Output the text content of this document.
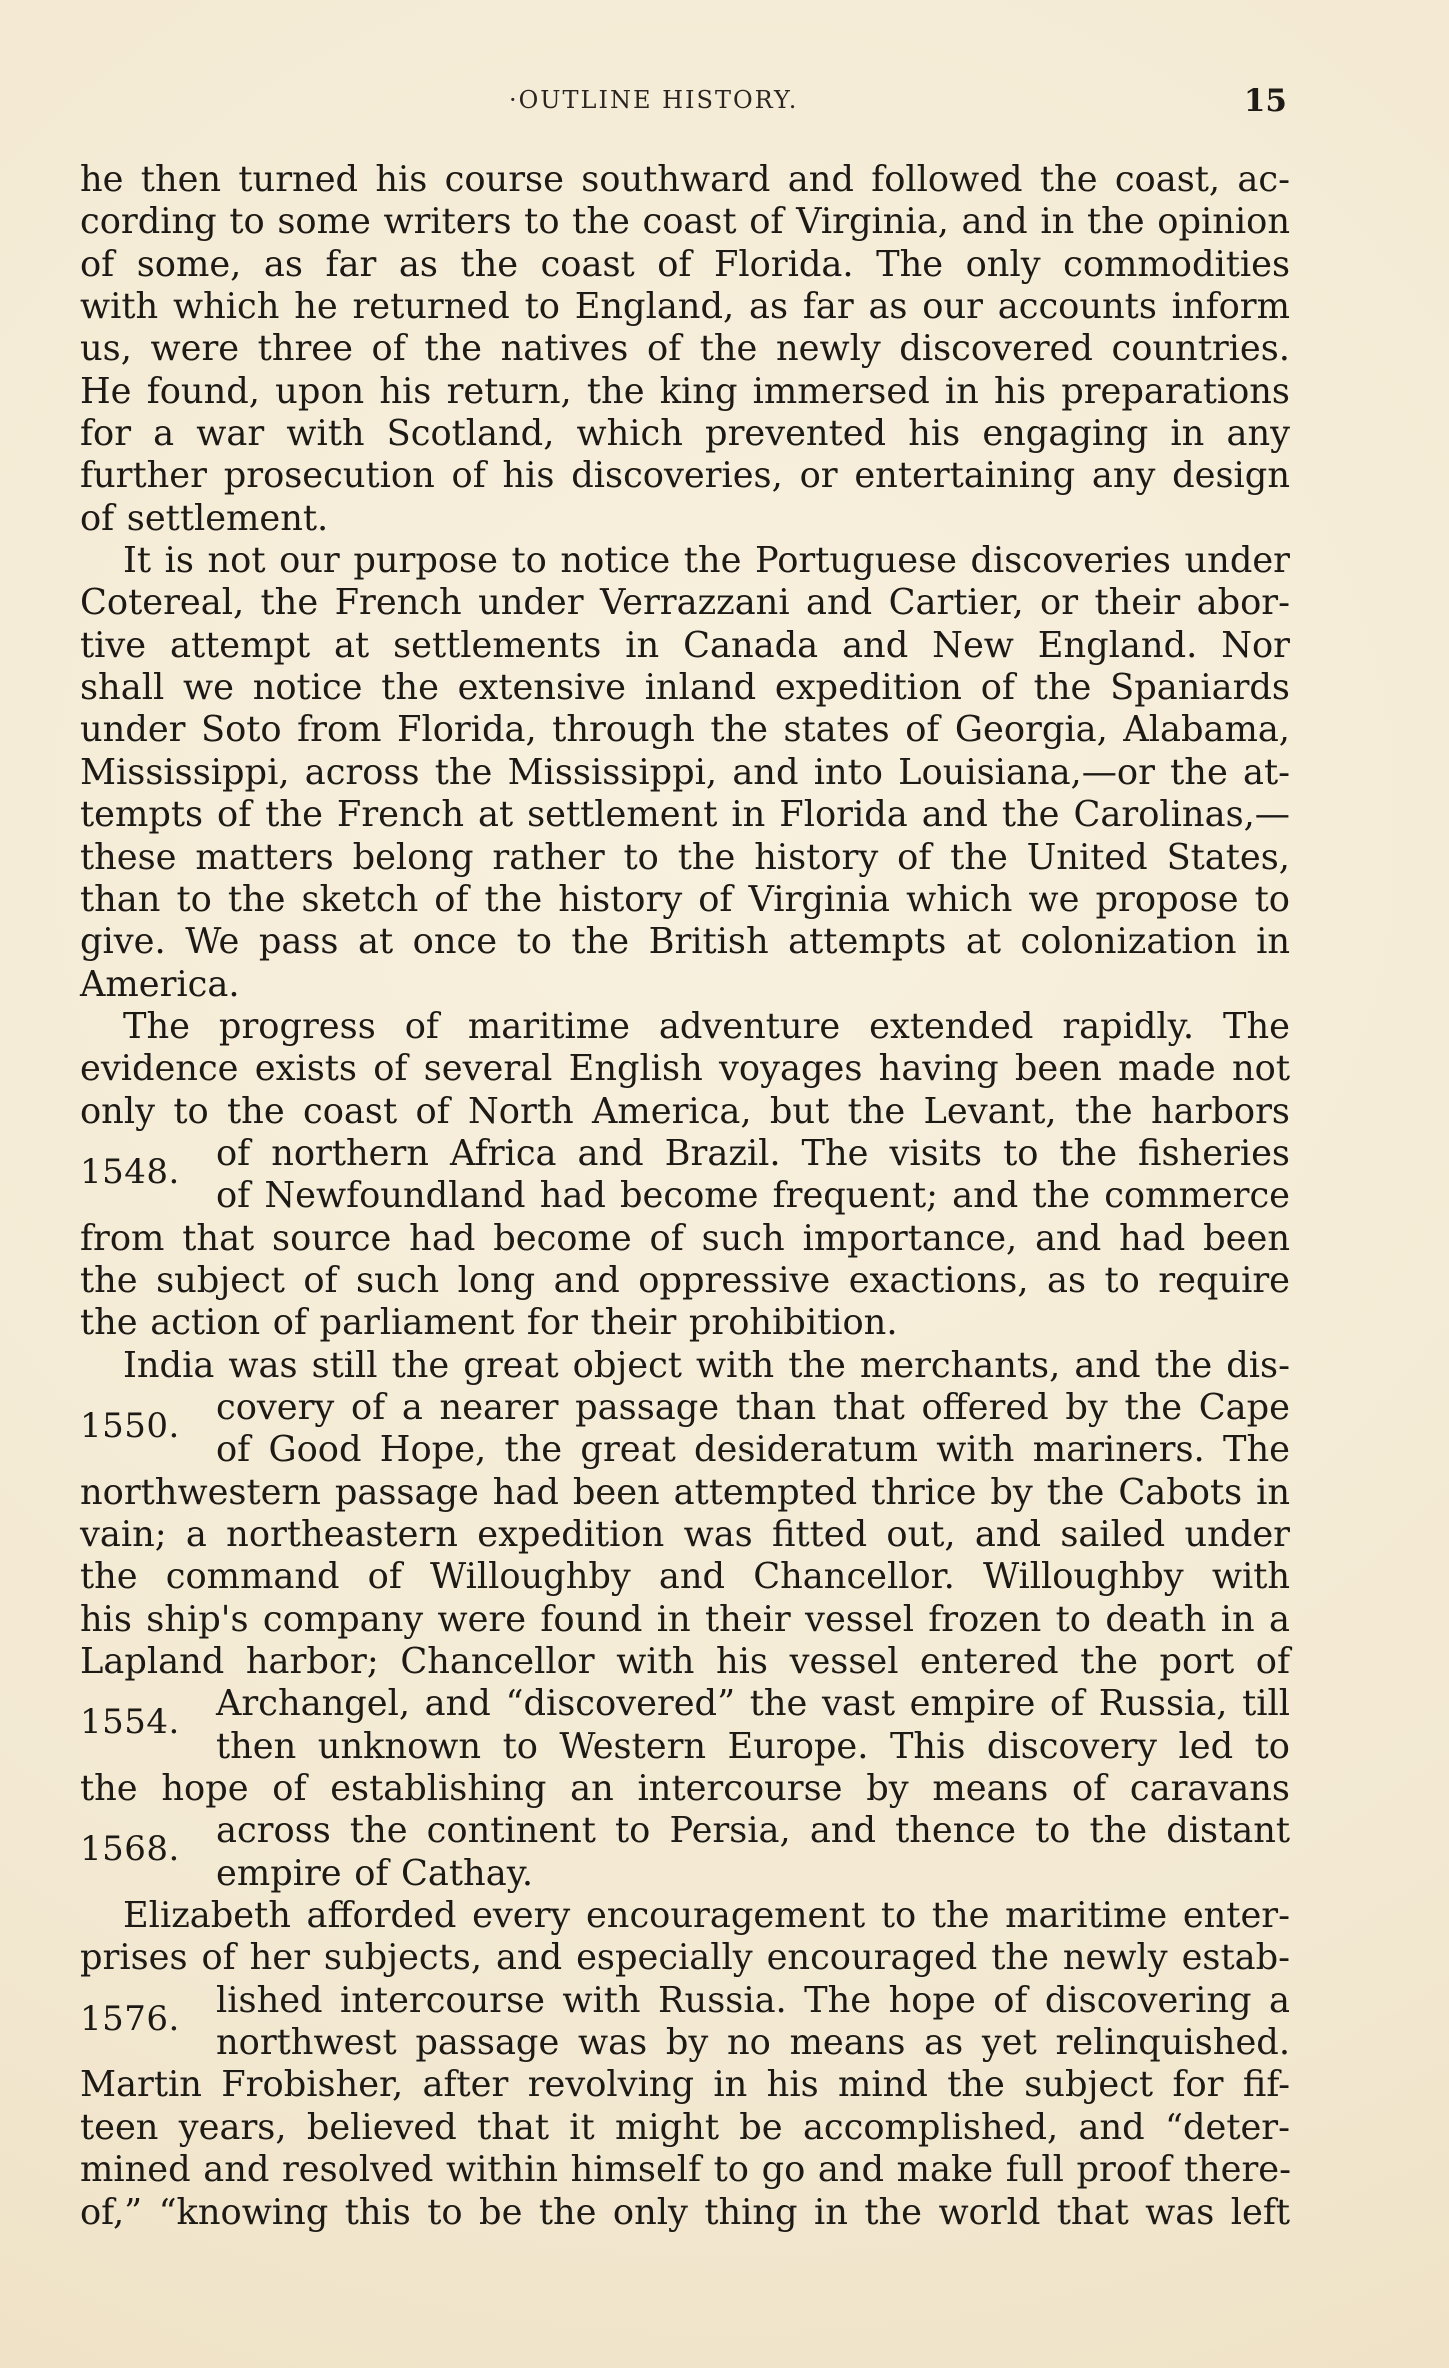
·OUTLINE HISTORY.	15
he then turned his course southward and followed the coast, ac-
cording to some writers to the coast of Virginia, and in the opinion
of some, as far as the coast of Florida. The only commodities
with which he returned to England, as far as our accounts inform
us, were three of the natives of the newly discovered countries.
He found, upon his return, the king immersed in his preparations
for a war with Scotland, which prevented his engaging in any
further prosecution of his discoveries, or entertaining any design
of settlement.
It is not our purpose to notice the Portuguese discoveries under
Cotereal, the French under Verrazzani and Cartier, or their abor-
tive attempt at settlements in Canada and New England. Nor
shall we notice the extensive inland expedition of the Spaniards
under Soto from Florida, through the states of Georgia, Alabama,
Mississippi, across the Mississippi, and into Louisiana,—or the at-
tempts of the French at settlement in Florida and the Carolinas,—
these matters belong rather to the history of the United States,
than to the sketch of the history of Virginia which we propose to
give. We pass at once to the British attempts at colonization in
America.
The progress of maritime adventure extended rapidly. The
evidence exists of several English voyages having been made not
only to the coast of North America, but the Levant, the harbors
1548. of northern Africa and Brazil. The visits to the fisheries
of Newfoundland had become frequent; and the commerce
from that source had become of such importance, and had been
the subject of such long and oppressive exactions, as to require
the action of parliament for their prohibition.
India was still the great object with the merchants, and the dis-
1550. covery of a nearer passage than that offered by the Cape
of Good Hope, the great desideratum with mariners. The
northwestern passage had been attempted thrice by the Cabots in
vain; a northeastern expedition was fitted out, and sailed under
the command of Willoughby and Chancellor. Willoughby with
his ship's company were found in their vessel frozen to death in a
Lapland harbor; Chancellor with his vessel entered the port of
1554. Archangel, and “discovered” the vast empire of Russia, till
then unknown to Western Europe. This discovery led to
the hope of establishing an intercourse by means of caravans
1568. across the continent to Persia, and thence to the distant
empire of Cathay.
Elizabeth afforded every encouragement to the maritime enter-
prises of her subjects, and especially encouraged the newly estab-
1576. lished intercourse with Russia. The hope of discovering a
northwest passage was by no means as yet relinquished.
Martin Frobisher, after revolving in his mind the subject for fif-
teen years, believed that it might be accomplished, and “deter-
mined and resolved within himself to go and make full proof there-
of,” “knowing this to be the only thing in the world that was left
